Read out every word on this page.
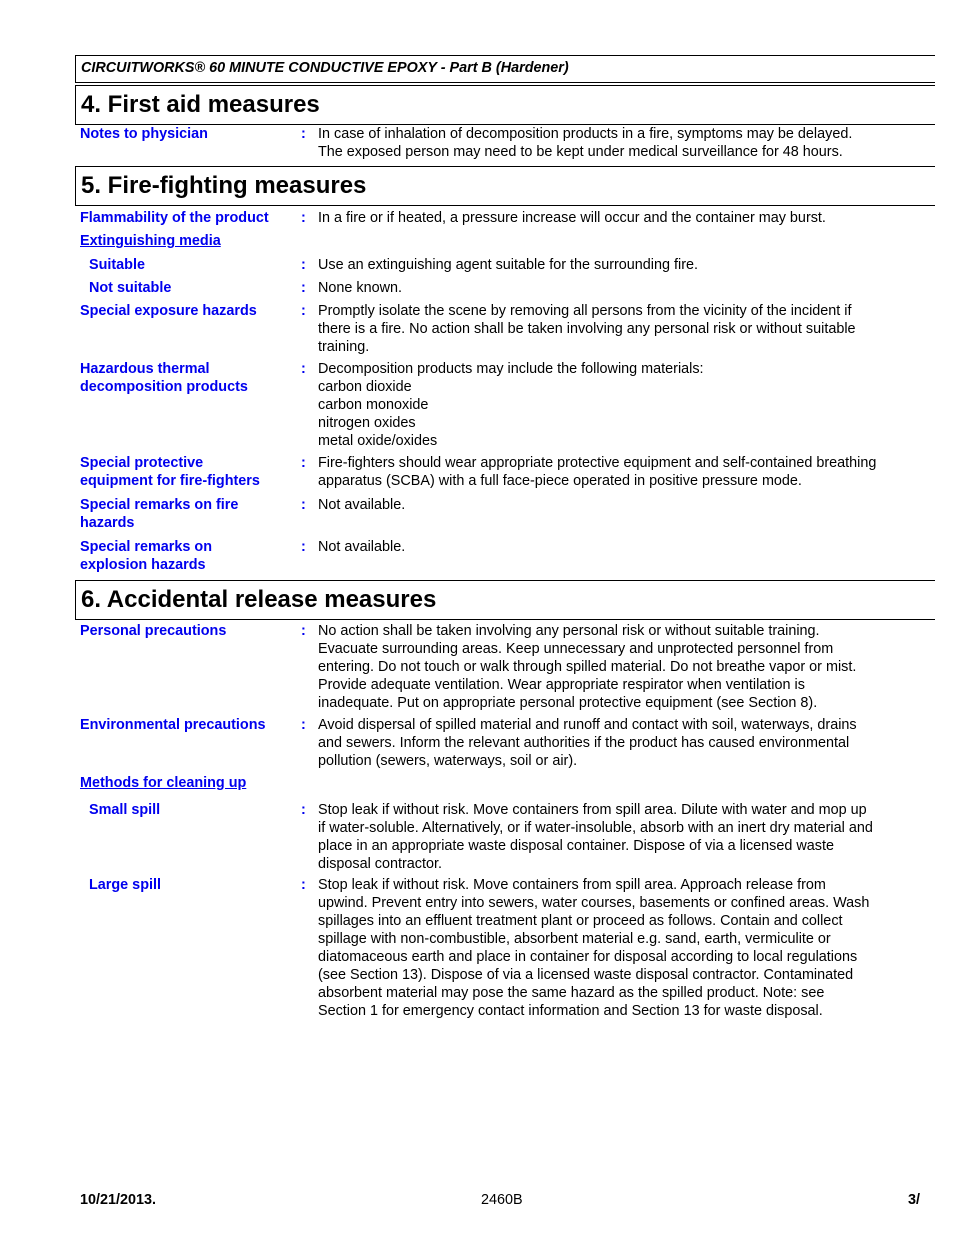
CIRCUITWORKS® 60 MINUTE CONDUCTIVE EPOXY - Part B (Hardener)
4. First aid measures
Notes to physician	: In case of inhalation of decomposition products in a fire, symptoms may be delayed.
The exposed person may need to be kept under medical surveillance for 48 hours.
5. Fire-fighting measures
Flammability of the product	: In a fire or if heated, a pressure increase will occur and the container may burst.
Extinguishing media
Suitable	: Use an extinguishing agent suitable for the surrounding fire.
Not suitable	: None known.
Special exposure hazards	: Promptly isolate the scene by removing all persons from the vicinity of the incident if
there is a fire. No action shall be taken involving any personal risk or without suitable
training.
Hazardous thermal
decomposition products
: Decomposition products may include the following materials:
carbon dioxide
carbon monoxide
nitrogen oxides
metal oxide/oxides
Special protective
equipment for fire-fighters
: Fire-fighters should wear appropriate protective equipment and self-contained breathing
apparatus (SCBA) with a full face-piece operated in positive pressure mode.
Special remarks on fire
hazards
: Not available.
Special remarks on
explosion hazards
: Not available.
6. Accidental release measures
Personal precautions	: No action shall be taken involving any personal risk or without suitable training.
Evacuate surrounding areas. Keep unnecessary and unprotected personnel from
entering. Do not touch or walk through spilled material. Do not breathe vapor or mist.
Provide adequate ventilation. Wear appropriate respirator when ventilation is
inadequate. Put on appropriate personal protective equipment (see Section 8).
Environmental precautions	: Avoid dispersal of spilled material and runoff and contact with soil, waterways, drains
and sewers. Inform the relevant authorities if the product has caused environmental
pollution (sewers, waterways, soil or air).
Methods for cleaning up
Small spill	: Stop leak if without risk. Move containers from spill area. Dilute with water and mop up
if water-soluble. Alternatively, or if water-insoluble, absorb with an inert dry material and
place in an appropriate waste disposal container. Dispose of via a licensed waste
disposal contractor.
Large spill	: Stop leak if without risk. Move containers from spill area. Approach release from
upwind. Prevent entry into sewers, water courses, basements or confined areas. Wash
spillages into an effluent treatment plant or proceed as follows. Contain and collect
spillage with non-combustible, absorbent material e.g. sand, earth, vermiculite or
diatomaceous earth and place in container for disposal according to local regulations
(see Section 13). Dispose of via a licensed waste disposal contractor. Contaminated
absorbent material may pose the same hazard as the spilled product. Note: see
Section 1 for emergency contact information and Section 13 for waste disposal.
10/21/2013.	2460B	3/
